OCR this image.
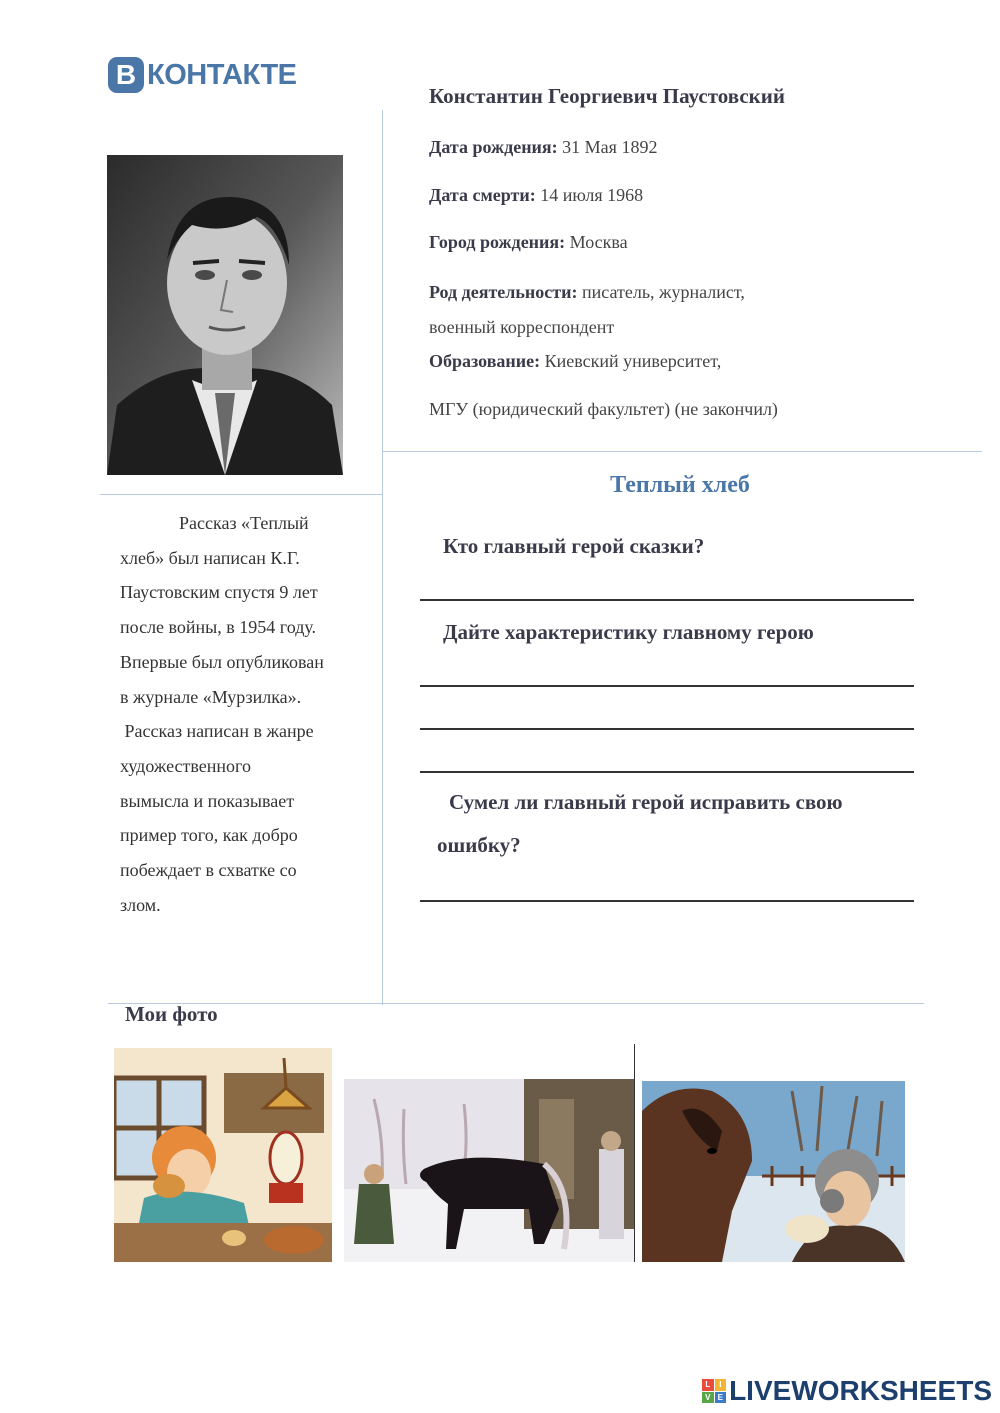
В КОНТАКТЕ
Константин Георгиевич Паустовский
Дата рождения: 31 Мая 1892
Дата смерти: 14 июля 1968
Город рождения: Москва
Род деятельности: писатель, журналист,
военный корреспондент
Образование: Киевский университет,
МГУ (юридический факультет) (не закончил)
Рассказ «Теплый
хлеб» был написан К.Г.
Паустовским спустя 9 лет
после войны, в 1954 году.
Впервые был опубликован
в журнале «Мурзилка».
Рассказ написан в жанре
художественного
вымысла и показывает
пример того, как добро
побеждает в схватке со
злом.
Теплый хлеб
Кто главный герой сказки?
Дайте характеристику главному герою
Сумел ли главный герой исправить свою
ошибку?
Мои фото
L	I
V E LIVEWORKSHEETS
